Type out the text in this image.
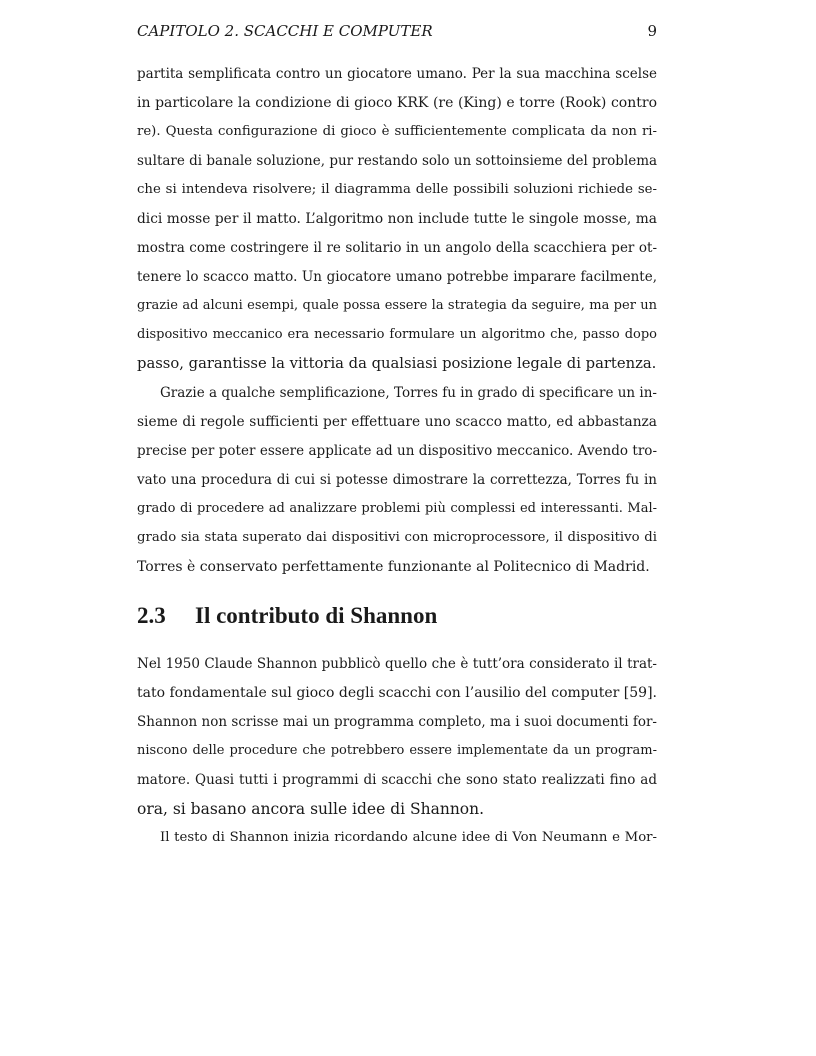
CAPITOLO 2. SCACCHI E COMPUTER	9
partita semplificata contro un giocatore umano. Per la sua macchina scelse
in particolare la condizione di gioco KRK (re (King) e torre (Rook) contro
re). Questa configurazione di gioco è sufficientemente complicata da non ri-
sultare di banale soluzione, pur restando solo un sottoinsieme del problema
che si intendeva risolvere; il diagramma delle possibili soluzioni richiede se-
dici mosse per il matto. L’algoritmo non include tutte le singole mosse, ma
mostra come costringere il re solitario in un angolo della scacchiera per ot-
tenere lo scacco matto. Un giocatore umano potrebbe imparare facilmente,
grazie ad alcuni esempi, quale possa essere la strategia da seguire, ma per un
dispositivo meccanico era necessario formulare un algoritmo che, passo dopo
passo, garantisse la vittoria da qualsiasi posizione legale di partenza.
Grazie a qualche semplificazione, Torres fu in grado di specificare un in-
sieme di regole sufficienti per effettuare uno scacco matto, ed abbastanza
precise per poter essere applicate ad un dispositivo meccanico. Avendo tro-
vato una procedura di cui si potesse dimostrare la correttezza, Torres fu in
grado di procedere ad analizzare problemi più complessi ed interessanti. Mal-
grado sia stata superato dai dispositivi con microprocessore, il dispositivo di
Torres è conservato perfettamente funzionante al Politecnico di Madrid.
2.3 Il contributo di Shannon
Nel 1950 Claude Shannon pubblicò quello che è tutt’ora considerato il trat-
tato fondamentale sul gioco degli scacchi con l’ausilio del computer [59].
Shannon non scrisse mai un programma completo, ma i suoi documenti for-
niscono delle procedure che potrebbero essere implementate da un program-
matore. Quasi tutti i programmi di scacchi che sono stato realizzati fino ad
ora, si basano ancora sulle idee di Shannon.
Il testo di Shannon inizia ricordando alcune idee di Von Neumann e Mor-
